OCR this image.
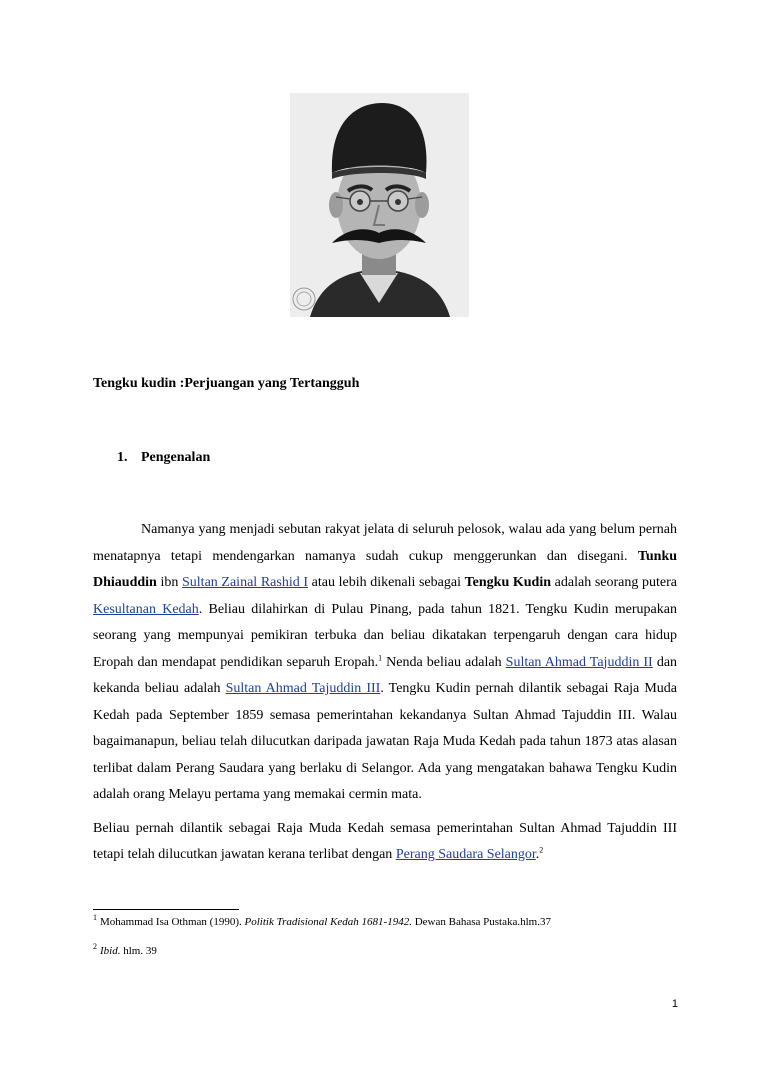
Tengku kudin :Perjuangan yang Tertangguh
1. Pengenalan

Namanya yang menjadi sebutan rakyat jelata di seluruh pelosok, walau ada yang belum pernah menatapnya tetapi mendengarkan namanya sudah cukup menggerunkan dan disegani. Tunku Dhiauddin ibn Sultan Zainal Rashid I atau lebih dikenali sebagai Tengku Kudin adalah seorang putera Kesultanan Kedah. Beliau dilahirkan di Pulau Pinang, pada tahun 1821. Tengku Kudin merupakan seorang yang mempunyai pemikiran terbuka dan beliau dikatakan terpengaruh dengan cara hidup Eropah dan mendapat pendidikan separuh Eropah.$^1$ Nenda beliau adalah Sultan Ahmad Tajuddin II dan kekanda beliau adalah Sultan Ahmad Tajuddin III. Tengku Kudin pernah dilantik sebagai Raja Muda Kedah pada September 1859 semasa pemerintahan kekandanya Sultan Ahmad Tajuddin III. Walau bagaimanapun, beliau telah dilucutkan daripada jawatan Raja Muda Kedah pada tahun 1873 atas alasan terlibat dalam Perang Saudara yang berlaku di Selangor. Ada yang mengatakan bahawa Tengku Kudin adalah orang Melayu pertama yang memakai cermin mata.

Beliau pernah dilantik sebagai Raja Muda Kedah semasa pemerintahan Sultan Ahmad Tajuddin III tetapi telah dilucutkan jawatan kerana terlibat dengan Perang Saudara Selangor.$^2$

$^1$ Mohammad Isa Othman (1990). Politik Tradisional Kedah 1681-1942. Dewan Bahasa Pustaka.hlm.37
$^2$ Ibid. hlm. 39
1
